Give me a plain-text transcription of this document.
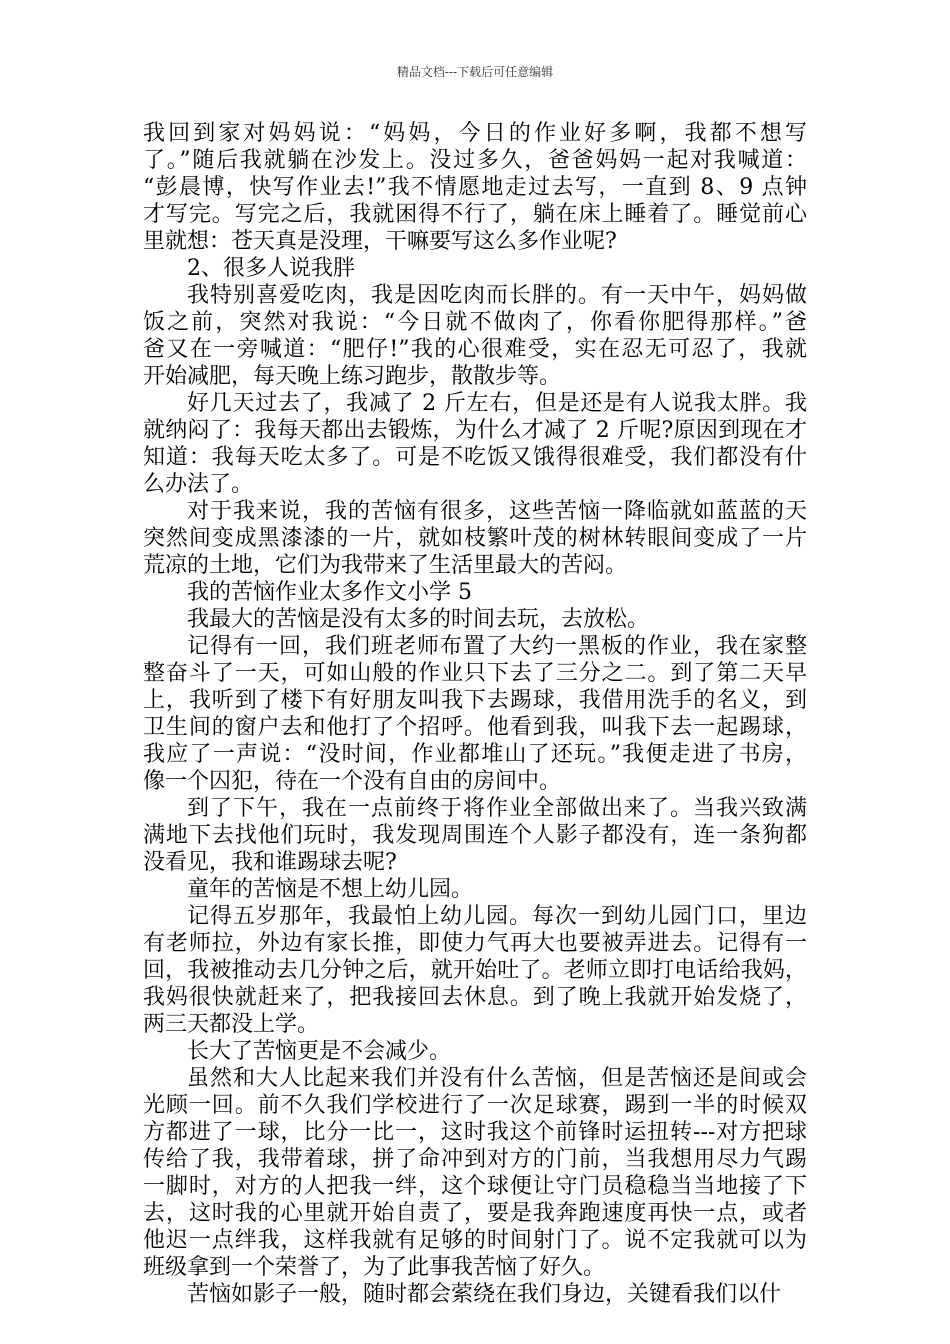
精品文档---下载后可任意编辑
我回到家对妈妈说：“妈妈，今日的作业好多啊，我都不想写
了。”随后我就躺在沙发上。没过多久，爸爸妈妈一起对我喊道：
“彭晨博，快写作业去!”我不情愿地走过去写，一直到 8、9 点钟
才写完。写完之后，我就困得不行了，躺在床上睡着了。睡觉前心
里就想：苍天真是没理，干嘛要写这么多作业呢?
2、很多人说我胖
我特别喜爱吃肉，我是因吃肉而长胖的。有一天中午，妈妈做
饭之前，突然对我说：“今日就不做肉了，你看你肥得那样。”爸
爸又在一旁喊道：“肥仔!”我的心很难受，实在忍无可忍了，我就
开始减肥，每天晚上练习跑步，散散步等。
好几天过去了，我减了 2 斤左右，但是还是有人说我太胖。我
就纳闷了：我每天都出去锻炼，为什么才减了 2 斤呢?原因到现在才
知道：我每天吃太多了。可是不吃饭又饿得很难受，我们都没有什
么办法了。
对于我来说，我的苦恼有很多，这些苦恼一降临就如蓝蓝的天
突然间变成黑漆漆的一片，就如枝繁叶茂的树林转眼间变成了一片
荒凉的土地，它们为我带来了生活里最大的苦闷。
我的苦恼作业太多作文小学 5
我最大的苦恼是没有太多的时间去玩，去放松。
记得有一回，我们班老师布置了大约一黑板的作业，我在家整
整奋斗了一天，可如山般的作业只下去了三分之二。到了第二天早
上，我听到了楼下有好朋友叫我下去踢球，我借用洗手的名义，到
卫生间的窗户去和他打了个招呼。他看到我，叫我下去一起踢球，
我应了一声说：“没时间，作业都堆山了还玩。”我便走进了书房，
像一个囚犯，待在一个没有自由的房间中。
到了下午，我在一点前终于将作业全部做出来了。当我兴致满
满地下去找他们玩时，我发现周围连个人影子都没有，连一条狗都
没看见，我和谁踢球去呢?
童年的苦恼是不想上幼儿园。
记得五岁那年，我最怕上幼儿园。每次一到幼儿园门口，里边
有老师拉，外边有家长推，即使力气再大也要被弄进去。记得有一
回，我被推动去几分钟之后，就开始吐了。老师立即打电话给我妈，
我妈很快就赶来了，把我接回去休息。到了晚上我就开始发烧了，
两三天都没上学。
长大了苦恼更是不会减少。
虽然和大人比起来我们并没有什么苦恼，但是苦恼还是间或会
光顾一回。前不久我们学校进行了一次足球赛，踢到一半的时候双
方都进了一球，比分一比一，这时我这个前锋时运扭转---对方把球
传给了我，我带着球，拼了命冲到对方的门前，当我想用尽力气踢
一脚时，对方的人把我一绊，这个球便让守门员稳稳当当地接了下
去，这时我的心里就开始自责了，要是我奔跑速度再快一点，或者
他迟一点绊我，这样我就有足够的时间射门了。说不定我就可以为
班级拿到一个荣誉了，为了此事我苦恼了好久。
苦恼如影子一般，随时都会萦绕在我们身边，关键看我们以什
